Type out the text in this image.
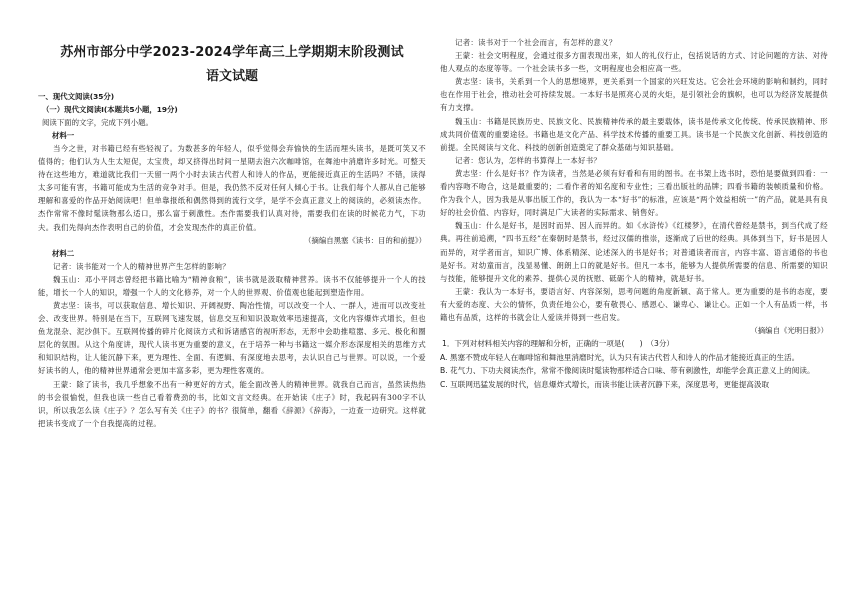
苏州市部分中学2023-2024学年高三上学期期末阶段测试
语文试题
一、现代文阅读(35分)
（一）现代文阅读Ⅰ(本题共5小题，19分)
阅读下面的文字，完成下列小题。
材料一

当今之世，对书籍已经有些轻视了。为数甚多的年轻人，似乎觉得会弃愉快的生活而埋头读书，是既可笑又不值得的；他们认为人生太短促，太宝贵，却又挤得出时间一星期去泡六次咖啡馆，在舞池中消磨许多时光。可整天待在这些地方，难道就比我们一天留一两个小时去读古代哲人和诗人的作品，更能接近真正的生活吗？不错，读得太多可能有害，书籍可能成为生活的竞争对手。但是，我仍然不反对任何人倾心于书。让我们每个人都从自己能够理解和喜爱的作品开始阅读吧！但单靠报纸和偶然得到的流行文学，是学不会真正意义上的阅读的，必须读杰作。杰作常常不像时髦读物那么适口，那么富于刺激性。杰作需要我们认真对待，需要我们在读的时候花力气，下功夫。我们先得向杰作表明自己的价值，才会发现杰作的真正价值。

（摘编自黑塞《读书：目的和前提》）

材料二

记者：读书能对一个人的精神世界产生怎样的影响？

魏玉山：邓小平同志曾经把书籍比喻为“精神食粮”，读书就是汲取精神营养。读书不仅能够提升一个人的技能，增长一个人的知识，增强一个人的文化修养，对一个人的世界观、价值观也能起到塑造作用。

黄志坚：读书，可以获取信息、增长知识、开阔视野、陶冶性情，可以改变一个人、一群人，进而可以改变社会、改变世界。特别是在当下，互联网飞速发展，信息交互和知识汲取效率迅速提高，文化内容爆炸式增长，但也鱼龙混杂、泥沙俱下。互联网传播的碎片化阅读方式和诉诸感官的视听形态，无形中会助推喧嚣、多元、极化和圈层化的氛围。从这个角度讲，现代人读书更为重要的意义，在于培养一种与书籍这一媒介形态深度相关的思维方式和知识结构，让人能沉静下来，更为理性、全面、有逻辑、有深度地去思考，去认识自己与世界。可以说，一个爱好读书的人，他的精神世界通常会更加丰富多彩，更为理性客观的。

王蒙：除了读书，我几乎想象不出有一种更好的方式，能全面改善人的精神世界。就我自己而言，虽然读热热的书会很愉悦，但我也读一些自己看着费劲的书，比如文言文经典。在开始读《庄子》时，我起码有300字不认识，所以我怎么读《庄子》？怎么写有关《庄子》的书？很简单，翻看《辞源》《辞海》，一边查一边研究。这样就把读书变成了一个自我提高的过程。

记者：读书对于一个社会而言，有怎样的意义？

王蒙：社会文明程度，会通过很多方面表现出来，如人的礼仪行止，包括说话的方式、讨论问题的方法、对待他人观点的态度等等。一个社会读书多一些，文明程度也会相应高一些。

黄志坚：读书，关系到一个人的思想境界，更关系到一个国家的兴旺发达。它会社会环境的影响和制约，同时也在作用于社会，推动社会可持续发展。一本好书是照亮心灵的火炬，是引领社会的旗帜，也可以为经济发展提供有力支撑。

魏玉山：书籍是民族历史、民族文化、民族精神传承的最主要载体，读书是传承文化传统、传承民族精神、形成共同价值观的重要途径。书籍也是文化产品、科学技术传播的重要工具。读书是一个民族文化创新、科技创造的前提。全民阅读与文化、科技的创新创造奠定了群众基础与知识基础。

记者：您认为，怎样的书算得上一本好书？

黄志坚：什么是好书？作为读者，当然是必须有好看和有用的图书。在书架上选书时，恐怕是要做到四看：一看内容吻不吻合，这是最重要的；二看作者的知名度和专业性；三看出版社的品牌；四看书籍的装帧质量和价格。作为我个人，因为我是从事出版工作的，我认为一本“好书”的标准，应该是“两个效益相统一”的产品，就是具有良好的社会价值、内容好，同时满足广大读者的实际需求、销售好。

魏玉山：什么是好书，是因时而异、因人而异的。如《水浒传》《红楼梦》，在清代曾经是禁书，到当代成了经典。再往前追溯，“四书五经”在秦朝时是禁书，经过汉儒的推崇，逐渐成了后世的经典。具体到当下，好书是因人而异的，对学者而言，知识广博、体系精深、论述深入的书是好书；对普通读者而言，内容丰富、语言通俗的书也是好书。对幼童而言，浅显易懂、朗朗上口的就是好书。但凡一本书，能够为人提供所需要的信息、所需要的知识与技能，能够提升文化的素养、提供心灵的抚慰、砥砺个人的精神，就是好书。

王蒙：我认为一本好书，要语言好、内容深刻，思考问题的角度新颖、高于常人。更为重要的是书的态度，要有大爱的态度、大公的情怀，负责任地公心，要有敬畏心、感恩心、谦卑心、谦让心。正如一个人有品质一样，书籍也有品质，这样的书就会让人爱读并得到一些启发。

（摘编自《光明日报》）

1．下列对材料相关内容的理解和分析，正确的一项是(　　)　（3分）
A. 黑塞不赞成年轻人在咖啡馆和舞池里消磨时光，认为只有读古代哲人和诗人的作品才能接近真正的生活。
B. 花气力、下功夫阅读杰作，常常不像阅读时髦读物那样适合口味、带有刺激性，却能学会真正意义上的阅读。
C. 互联网迅猛发展的时代，信息爆炸式增长，而读书能让读者沉静下来，深度思考，更能提高汲取
